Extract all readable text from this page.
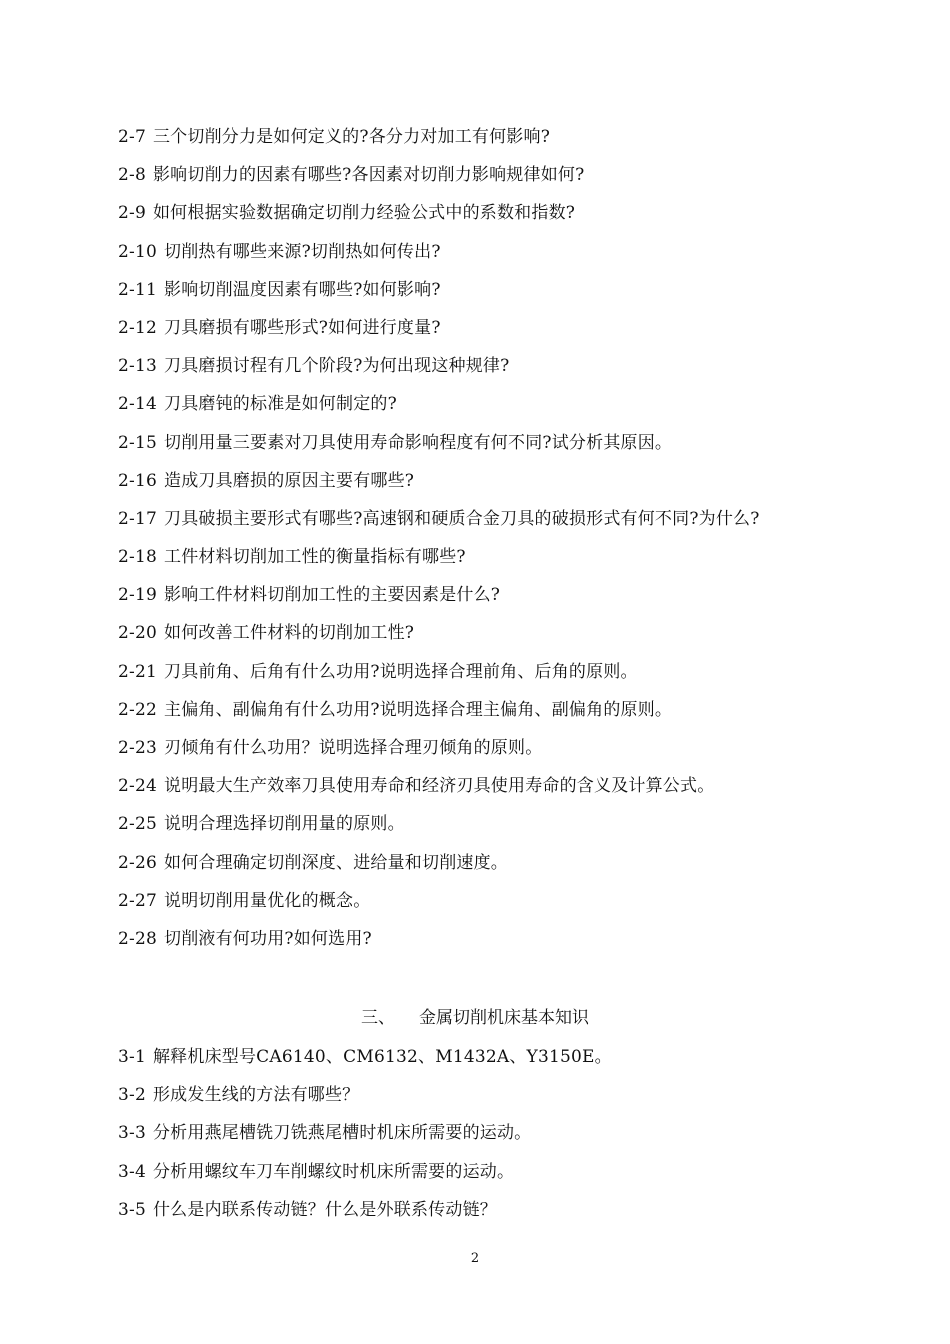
2-7 三个切削分力是如何定义的?各分力对加工有何影响?
2-8 影响切削力的因素有哪些?各因素对切削力影响规律如何?
2-9 如何根据实验数据确定切削力经验公式中的系数和指数?
2-10 切削热有哪些来源?切削热如何传出?
2-11 影响切削温度因素有哪些?如何影响?
2-12 刀具磨损有哪些形式?如何进行度量?
2-13 刀具磨损讨程有几个阶段?为何出现这种规律?
2-14 刀具磨钝的标准是如何制定的?
2-15 切削用量三要素对刀具使用寿命影响程度有何不同?试分析其原因。
2-16 造成刀具磨损的原因主要有哪些?
2-17 刀具破损主要形式有哪些?高速钢和硬质合金刀具的破损形式有何不同?为什么?
2-18 工件材料切削加工性的衡量指标有哪些?
2-19 影响工件材料切削加工性的主要因素是什么?
2-20 如何改善工件材料的切削加工性?
2-21 刀具前角、后角有什么功用?说明选择合理前角、后角的原则。
2-22 主偏角、副偏角有什么功用?说明选择合理主偏角、副偏角的原则。
2-23 刃倾角有什么功用？说明选择合理刃倾角的原则。
2-24 说明最大生产效率刀具使用寿命和经济刃具使用寿命的含义及计算公式。
2-25 说明合理选择切削用量的原则。
2-26 如何合理确定切削深度、进给量和切削速度。
2-27 说明切削用量优化的概念。
2-28 切削液有何功用?如何选用?
三、 金属切削机床基本知识
3-1 解释机床型号CA6140、CM6132、M1432A、Y3150E。
3-2 形成发生线的方法有哪些？
3-3 分析用燕尾槽铣刀铣燕尾槽时机床所需要的运动。
3-4 分析用螺纹车刀车削螺纹时机床所需要的运动。
3-5 什么是内联系传动链？什么是外联系传动链？
2
